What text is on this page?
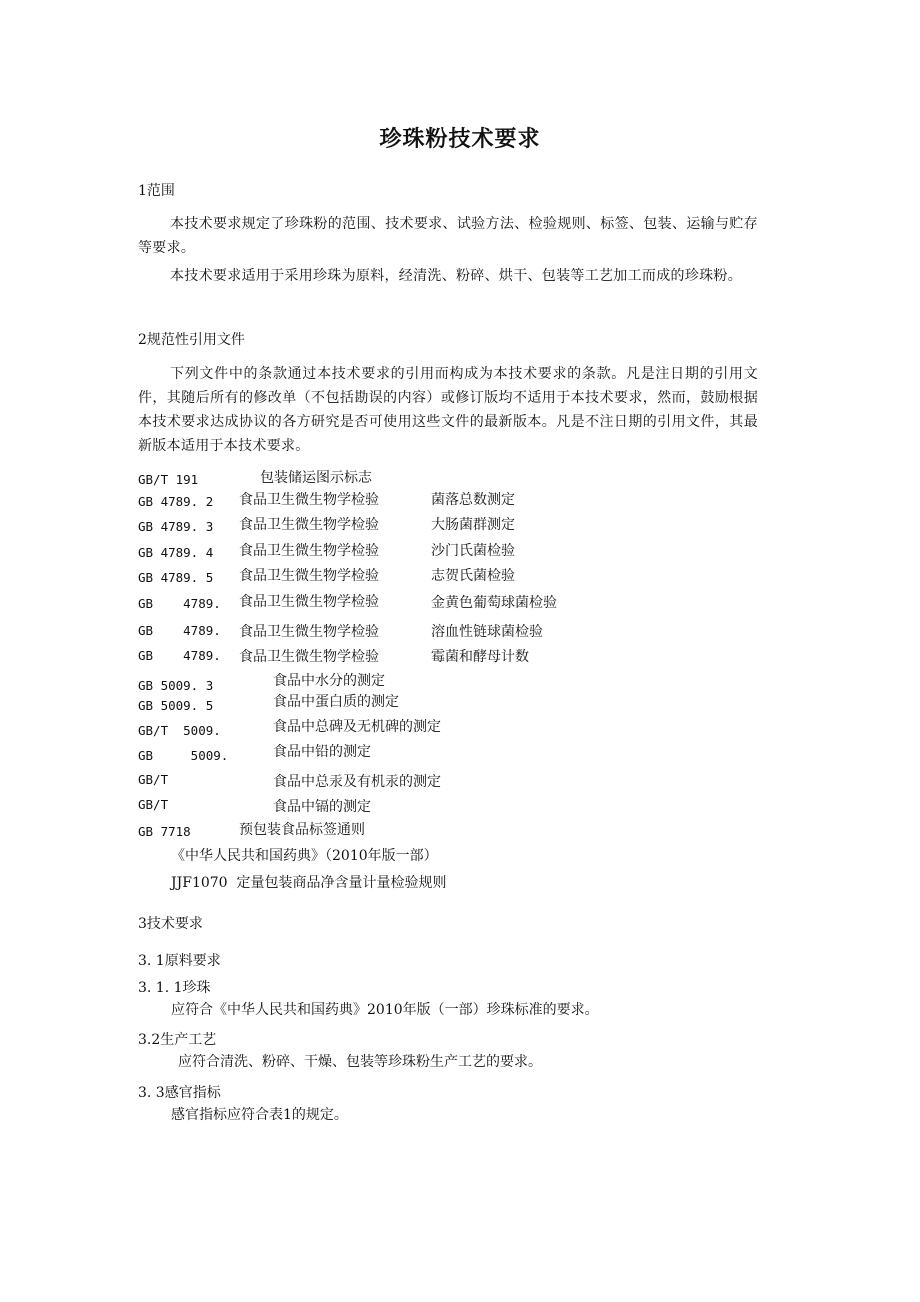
珍珠粉技术要求
1范围
本技术要求规定了珍珠粉的范围、技术要求、试验方法、检验规则、标签、包装、运输与贮存等要求。
本技术要求适用于采用珍珠为原料，经清洗、粉碎、烘干、包装等工艺加工而成的珍珠粉。
2规范性引用文件
下列文件中的条款通过本技术要求的引用而构成为本技术要求的条款。凡是注日期的引用文件，其随后所有的修改单（不包括勘误的内容）或修订版均不适用于本技术要求，然而，鼓励根据本技术要求达成协议的各方研究是否可使用这些文件的最新版本。凡是不注日期的引用文件，其最新版本适用于本技术要求。
GB/T 191	包装储运图示标志
GB 4789. 2 食品卫生微生物学检验	菌落总数测定
GB 4789. 3 食品卫生微生物学检验	大肠菌群测定
GB 4789. 4 食品卫生微生物学检验	沙门氏菌检验
GB 4789. 5 食品卫生微生物学检验	志贺氏菌检验
GB    4789. 食品卫生微生物学检验	金黄色葡萄球菌检验
GB    4789. 食品卫生微生物学检验	溶血性链球菌检验
GB    4789. 食品卫生微生物学检验	霉菌和酵母计数
GB 5009. 3	食品中水分的测定
GB 5009. 5	食品中蛋白质的测定
GB/T  5009.	食品中总碑及无机碑的测定
GB     5009.	食品中铅的测定
GB/T	食品中总汞及有机汞的测定
GB/T	食品中镉的测定
GB 7718	预包装食品标签通则
《中华人民共和国药典》（2010年版一部）
JJF1070  定量包装商品净含量计量检验规则
3技术要求
3. 1原料要求
3. 1. 1珍珠
应符合《中华人民共和国药典》2010年版（一部）珍珠标准的要求。
3.2生产工艺
应符合清洗、粉碎、干燥、包装等珍珠粉生产工艺的要求。
3. 3感官指标
感官指标应符合表1的规定。
